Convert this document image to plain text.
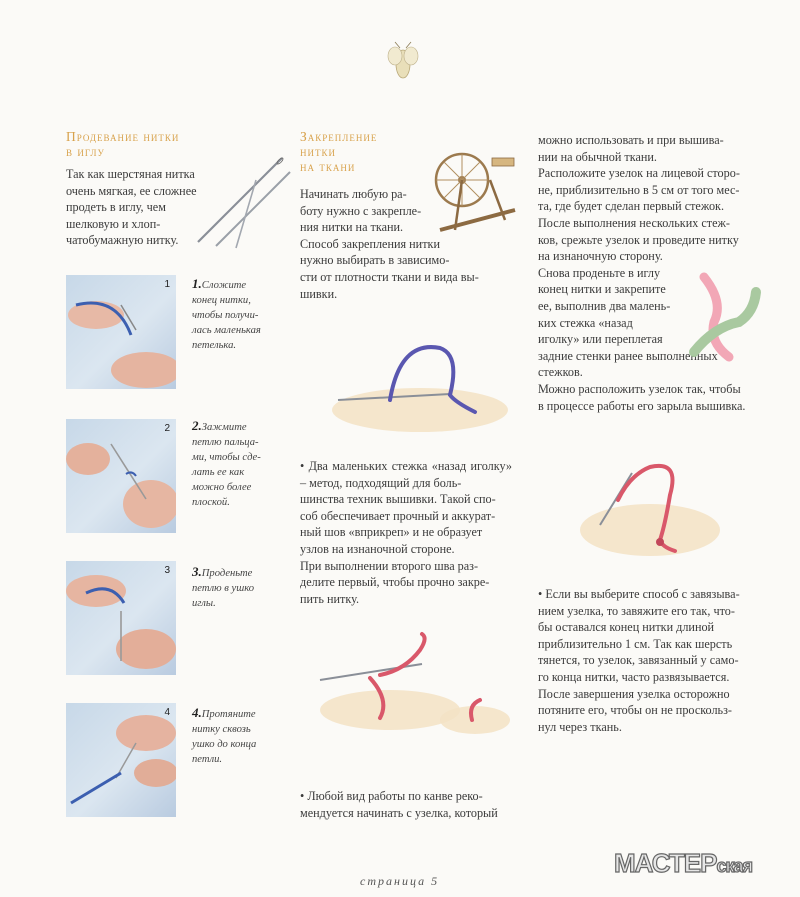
Продевание нитки
в иглу
Так как шерстяная нитка
очень мягкая, ее сложнее
продеть в иглу, чем
шелковую и хлоп-
чатобумажную нитку.
1 1.Сложите
конец нитки,
чтобы получи-
лась маленькая
петелька.
2 2.Зажмите
петлю пальца-
ми, чтобы сде-
лать ее как
можно более
плоской.
3 3.Проденьте
петлю в ушко
иглы.
4 4.Протяните
нитку сквозь
ушко до конца
петли.
Закрепление
нитки
на ткани
Начинать любую ра-
боту нужно с закрепле-
ния нитки на ткани.
Способ закрепления нитки
нужно выбирать в зависимо-
сти от плотности ткани и вида вы-
шивки.
• Два маленьких стежка «назад иголку» – метод, подходящий для боль-
шинства техник вышивки. Такой спо-
соб обеспечивает прочный и аккурат-
ный шов «вприкреп» и не образует
узлов на изнаночной стороне.
При выполнении второго шва раз-
делите первый, чтобы прочно закре-
пить нитку.
• Любой вид работы по канве реко-
мендуется начинать с узелка, который
можно использовать и при вышива-
нии на обычной ткани.
Расположите узелок на лицевой сторо-
не, приблизительно в 5 см от того мес-
та, где будет сделан первый стежок.
После выполнения нескольких стеж-
ков, срежьте узелок и проведите нитку
на изнаночную сторону.
Снова проденьте в иглу
конец нитки и закрепите
ее, выполнив два малень-
ких стежка «назад
иголку» или переплетая
задние стенки ранее выполненных
стежков.
Можно расположить узелок так, чтобы
в процессе работы его зарыла вышивка.
• Если вы выберите способ с завязыва-
нием узелка, то завяжите его так, что-
бы оставался конец нитки длиной
приблизительно 1 см. Так как шерсть
тянется, то узелок, завязанный у само-
го конца нитки, часто развязывается.
После завершения узелка осторожно
потяните его, чтобы он не проскольз-
нул через ткань.
страница 5
МАСТЕРская
